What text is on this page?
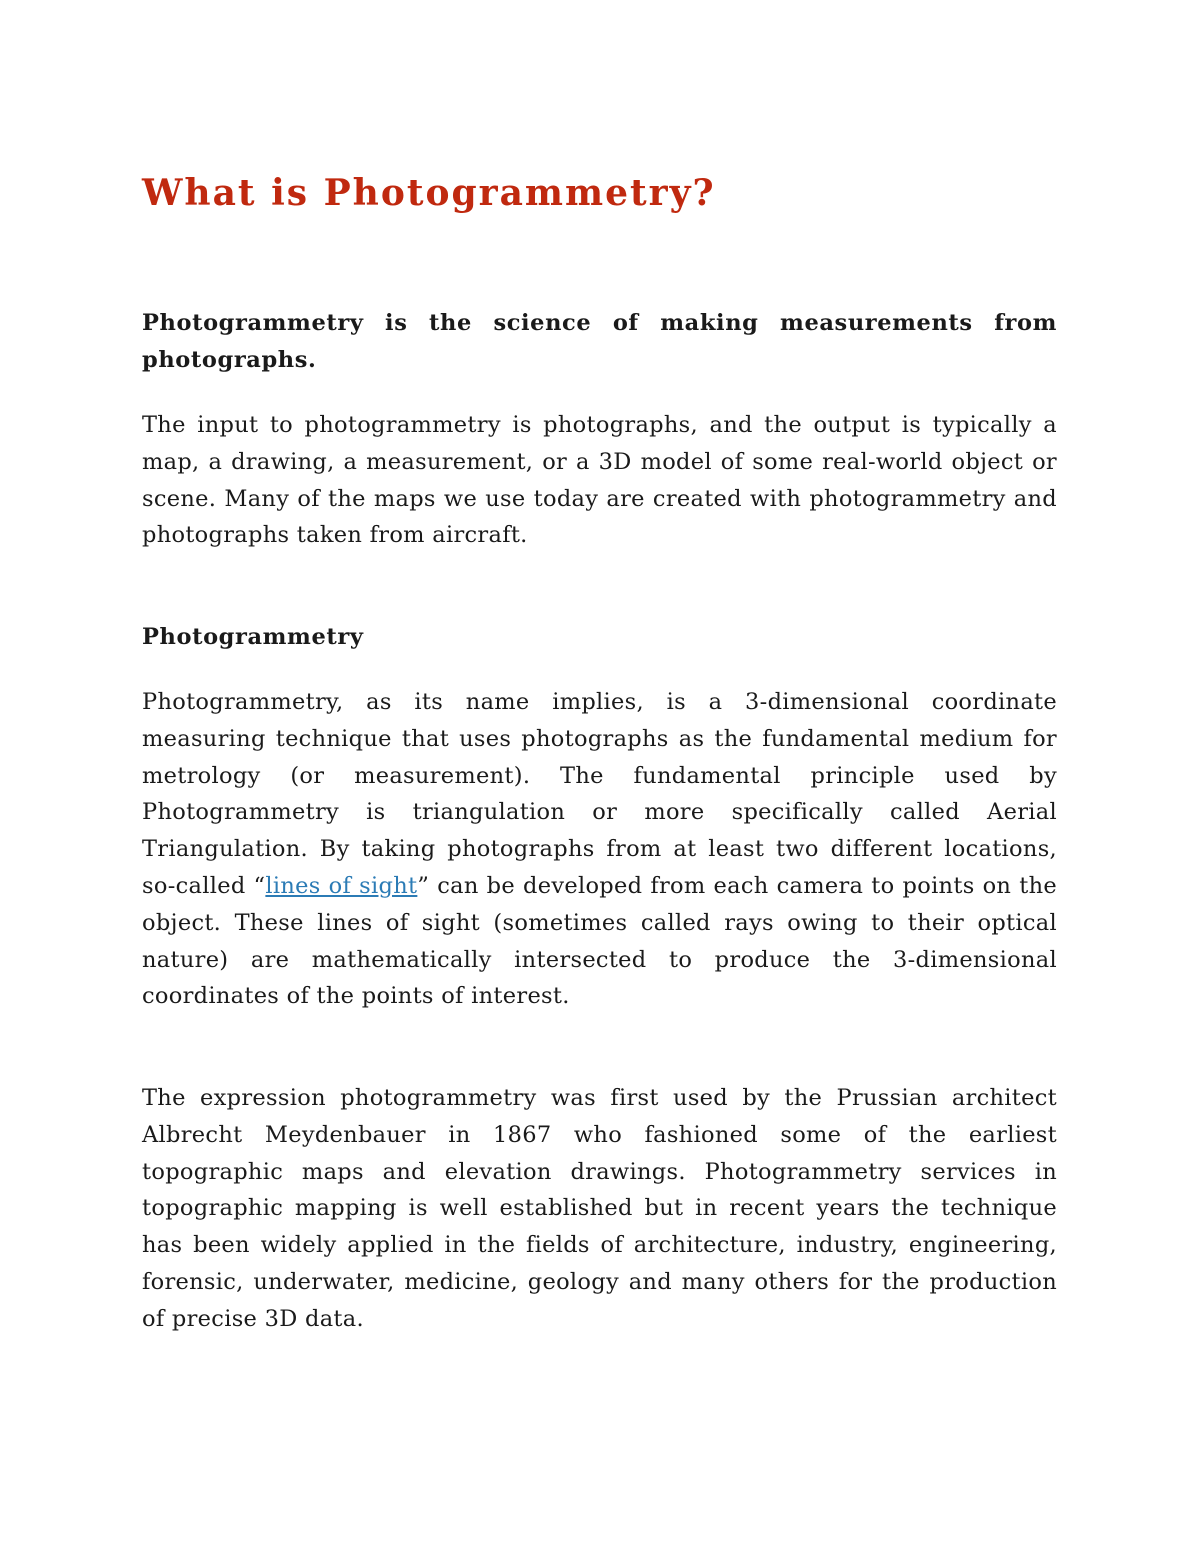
What is Photogrammetry?

Photogrammetry is the science of making measurements from photographs.

The input to photogrammetry is photographs, and the output is typically a map, a drawing, a measurement, or a 3D model of some real-world object or scene. Many of the maps we use today are created with photogrammetry and photographs taken from aircraft.

Photogrammetry

Photogrammetry, as its name implies, is a 3-dimensional coordinate measuring technique that uses photographs as the fundamental medium for metrology (or measurement). The fundamental principle used by Photogrammetry is triangulation or more specifically called Aerial Triangulation. By taking photographs from at least two different locations, so-called “lines of sight” can be developed from each camera to points on the object. These lines of sight (sometimes called rays owing to their optical nature) are mathematically intersected to produce the 3-dimensional coordinates of the points of interest.

The expression photogrammetry was first used by the Prussian architect Albrecht Meydenbauer in 1867 who fashioned some of the earliest topographic maps and elevation drawings. Photogrammetry services in topographic mapping is well established but in recent years the technique has been widely applied in the fields of architecture, industry, engineering, forensic, underwater, medicine, geology and many others for the production of precise 3D data.
